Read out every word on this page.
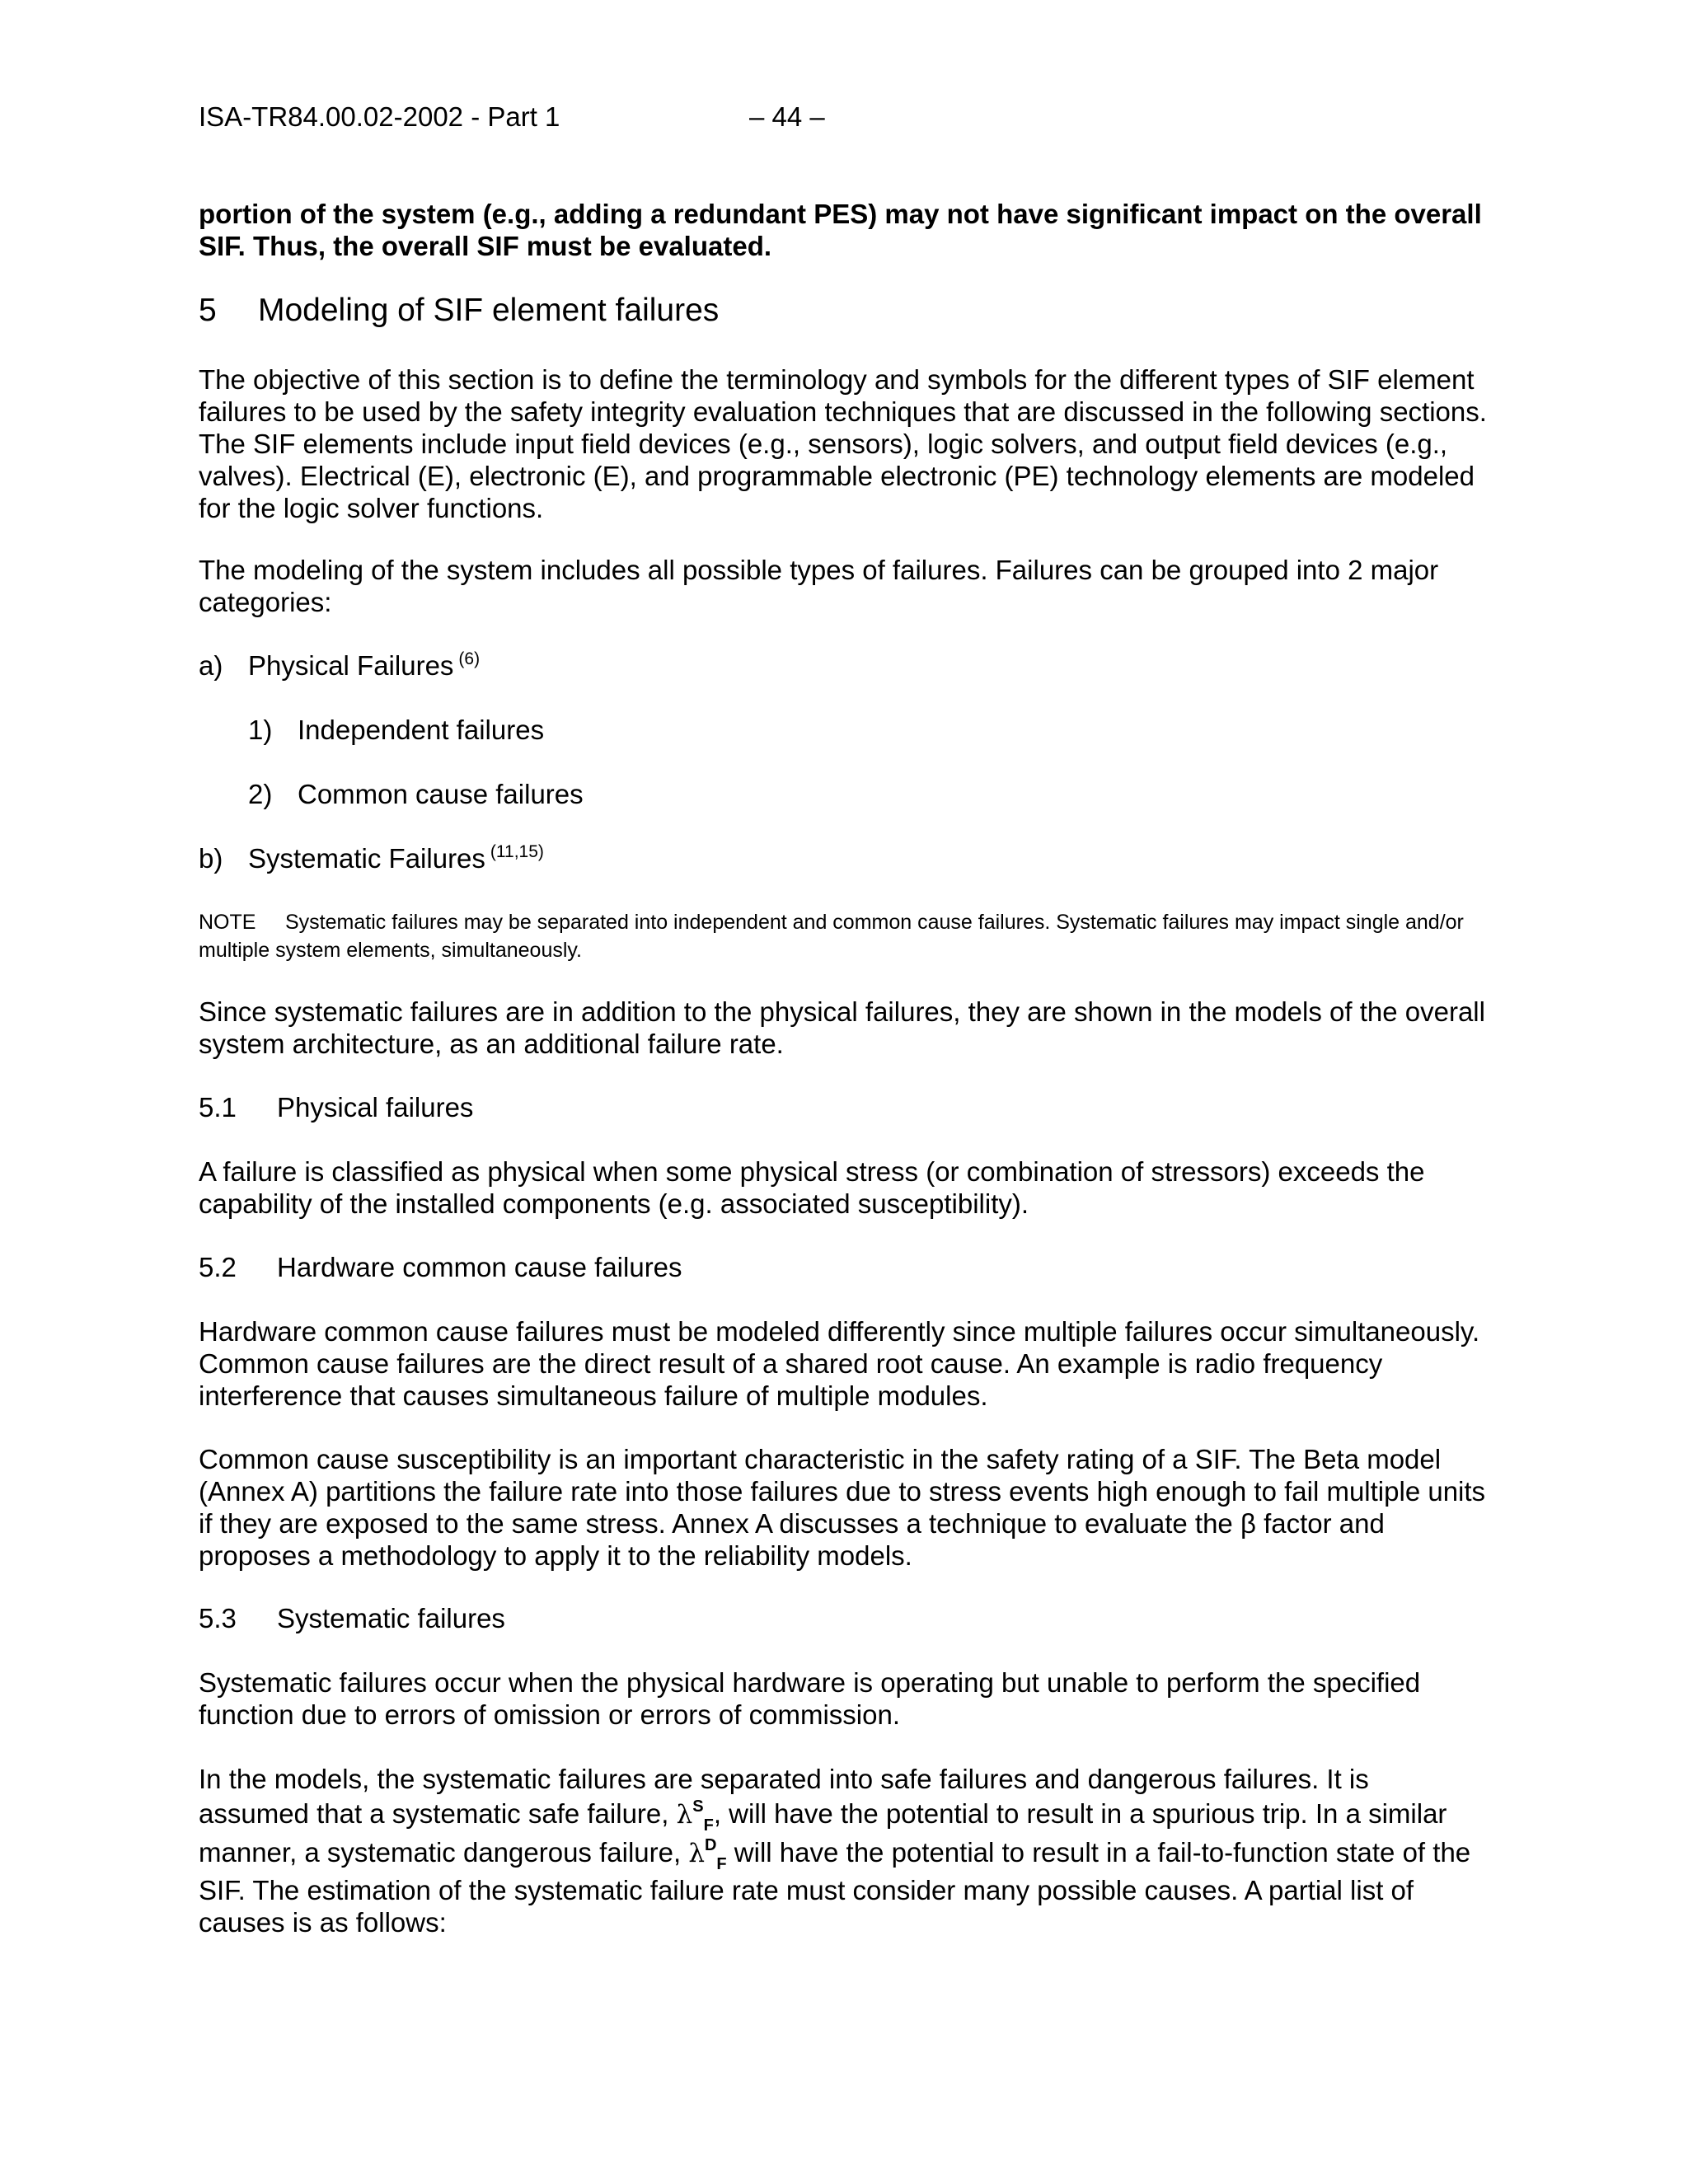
ISA-TR84.00.02-2002 - Part 1	– 44 –

portion of the system (e.g., adding a redundant PES) may not have significant impact on the overall SIF. Thus, the overall SIF must be evaluated.

5 Modeling of SIF element failures

The objective of this section is to define the terminology and symbols for the different types of SIF element failures to be used by the safety integrity evaluation techniques that are discussed in the following sections. The SIF elements include input field devices (e.g., sensors), logic solvers, and output field devices (e.g., valves). Electrical (E), electronic (E), and programmable electronic (PE) technology elements are modeled for the logic solver functions.

The modeling of the system includes all possible types of failures. Failures can be grouped into 2 major categories:

a) Physical Failures $^{(6)}$
1) Independent failures
2) Common cause failures
b) Systematic Failures $^{(11,15)}$

NOTE Systematic failures may be separated into independent and common cause failures. Systematic failures may impact single and/or multiple system elements, simultaneously.

Since systematic failures are in addition to the physical failures, they are shown in the models of the overall system architecture, as an additional failure rate.

5.1 Physical failures

A failure is classified as physical when some physical stress (or combination of stressors) exceeds the capability of the installed components (e.g. associated susceptibility).

5.2 Hardware common cause failures

Hardware common cause failures must be modeled differently since multiple failures occur simultaneously. Common cause failures are the direct result of a shared root cause. An example is radio frequency interference that causes simultaneous failure of multiple modules.

Common cause susceptibility is an important characteristic in the safety rating of a SIF. The Beta model (Annex A) partitions the failure rate into those failures due to stress events high enough to fail multiple units if they are exposed to the same stress. Annex A discusses a technique to evaluate the β factor and proposes a methodology to apply it to the reliability models.

5.3 Systematic failures

Systematic failures occur when the physical hardware is operating but unable to perform the specified function due to errors of omission or errors of commission.

In the models, the systematic failures are separated into safe failures and dangerous failures. It is
assumed that a systematic safe failure, $\lambda^S_F$, will have the potential to result in a spurious trip. In a similar
manner, a systematic dangerous failure, $\lambda^D_F$ will have the potential to result in a fail-to-function state of the
SIF. The estimation of the systematic failure rate must consider many possible causes. A partial list of causes is as follows:
